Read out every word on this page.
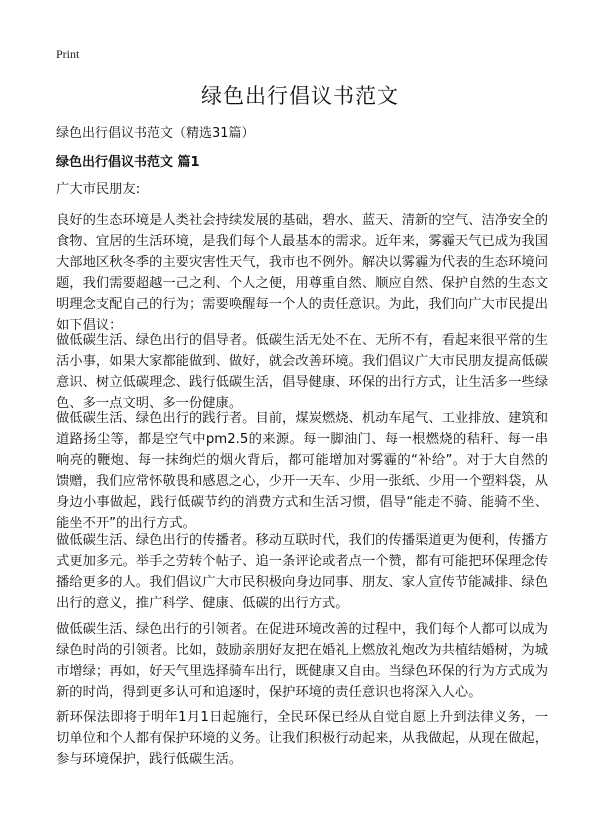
Print
绿色出行倡议书范文

绿色出行倡议书范文（精选31篇）

绿色出行倡议书范文 篇1

广大市民朋友:

良好的生态环境是人类社会持续发展的基础，碧水、蓝天、清新的空气、洁净安全的食物、宜居的生活环境，是我们每个人最基本的需求。近年来，雾霾天气已成为我国大部地区秋冬季的主要灾害性天气，我市也不例外。解决以雾霾为代表的生态环境问题，我们需要超越一己之利、个人之便，用尊重自然、顺应自然、保护自然的生态文明理念支配自己的行为；需要唤醒每一个人的责任意识。为此，我们向广大市民提出如下倡议：

做低碳生活、绿色出行的倡导者。低碳生活无处不在、无所不有，看起来很平常的生活小事，如果大家都能做到、做好，就会改善环境。我们倡议广大市民朋友提高低碳意识、树立低碳理念、践行低碳生活，倡导健康、环保的出行方式，让生活多一些绿色、多一点文明、多一份健康。

做低碳生活、绿色出行的践行者。目前，煤炭燃烧、机动车尾气、工业排放、建筑和道路扬尘等，都是空气中pm2.5的来源。每一脚油门、每一根燃烧的秸秆、每一串响亮的鞭炮、每一抹绚烂的烟火背后，都可能增加对雾霾的“补给”。对于大自然的馈赠，我们应常怀敬畏和感恩之心，少开一天车、少用一张纸、少用一个塑料袋，从身边小事做起，践行低碳节约的消费方式和生活习惯，倡导“能走不骑、能骑不坐、能坐不开”的出行方式。

做低碳生活、绿色出行的传播者。移动互联时代，我们的传播渠道更为便利，传播方式更加多元。举手之劳转个帖子、追一条评论或者点一个赞，都有可能把环保理念传播给更多的人。我们倡议广大市民积极向身边同事、朋友、家人宣传节能减排、绿色出行的意义，推广科学、健康、低碳的出行方式。

做低碳生活、绿色出行的引领者。在促进环境改善的过程中，我们每个人都可以成为绿色时尚的引领者。比如，鼓励亲朋好友把在婚礼上燃放礼炮改为共植结婚树，为城市增绿；再如，好天气里选择骑车出行，既健康又自由。当绿色环保的行为方式成为新的时尚，得到更多认可和追逐时，保护环境的责任意识也将深入人心。

新环保法即将于明年1月1日起施行，全民环保已经从自觉自愿上升到法律义务，一切单位和个人都有保护环境的义务。让我们积极行动起来，从我做起，从现在做起，参与环境保护，践行低碳生活。
